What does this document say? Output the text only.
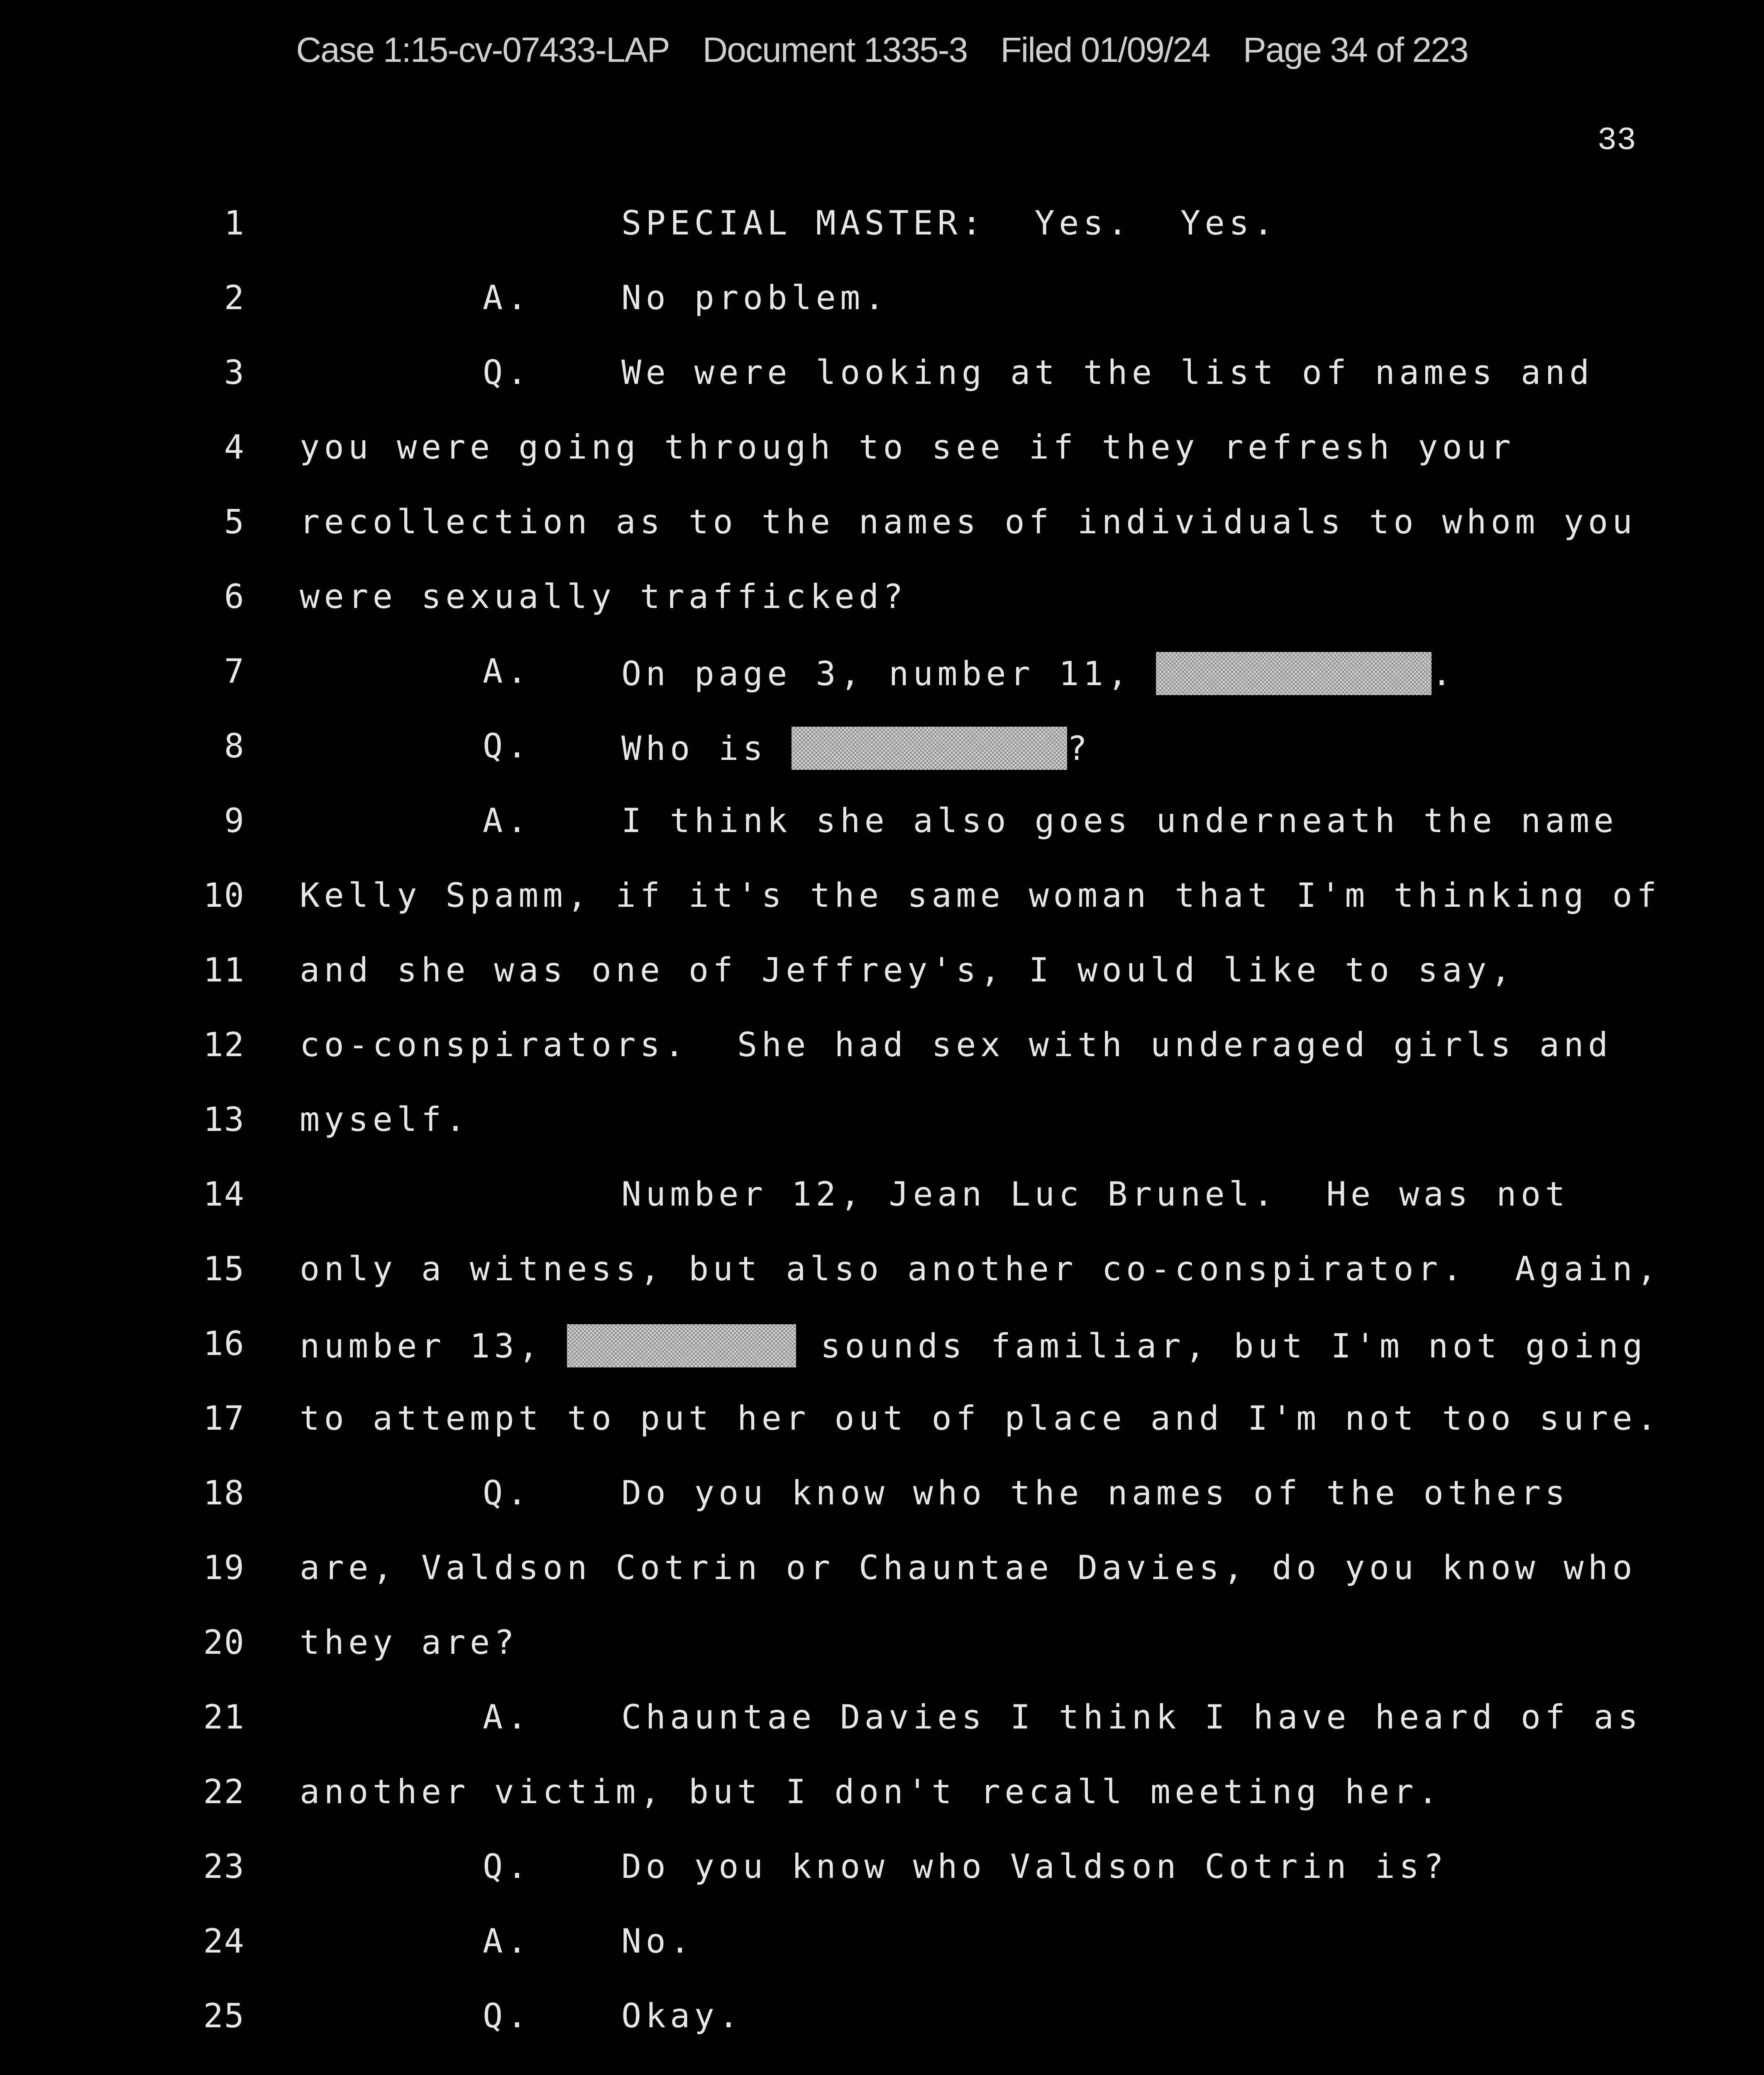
Case 1:15-cv-07433-LAP Document 1335-3 Filed 01/09/24 Page 34 of 223
33

1

	SPECIAL MASTER:  Yes.  Yes.

2

	A.

	No problem.

3

	Q.

	We were looking at the list of names and

4

you were going through to see if they refresh your

5

recollection as to the names of individuals to whom you

6

were sexually trafficked?

7

	A.

	On page 3, number 11,	.

8

	Q.

	Who is	?

9

	A.

	I think she also goes underneath the name

10

Kelly Spamm, if it's the same woman that I'm thinking of

11

and she was one of Jeffrey's, I would like to say,

12

co-conspirators.  She had sex with underaged girls and

13

myself.

14

	Number 12, Jean Luc Brunel.  He was not

15

only a witness, but also another co-conspirator.  Again,

16

number 13,	sounds familiar, but I'm not going

17

to attempt to put her out of place and I'm not too sure.

18

	Q.

	Do you know who the names of the others

19

are, Valdson Cotrin or Chauntae Davies, do you know who

20

they are?

21

	A.

	Chauntae Davies I think I have heard of as

22

another victim, but I don't recall meeting her.

23

	Q.

	Do you know who Valdson Cotrin is?

24

	A.

	No.

25

	Q.

	Okay.
